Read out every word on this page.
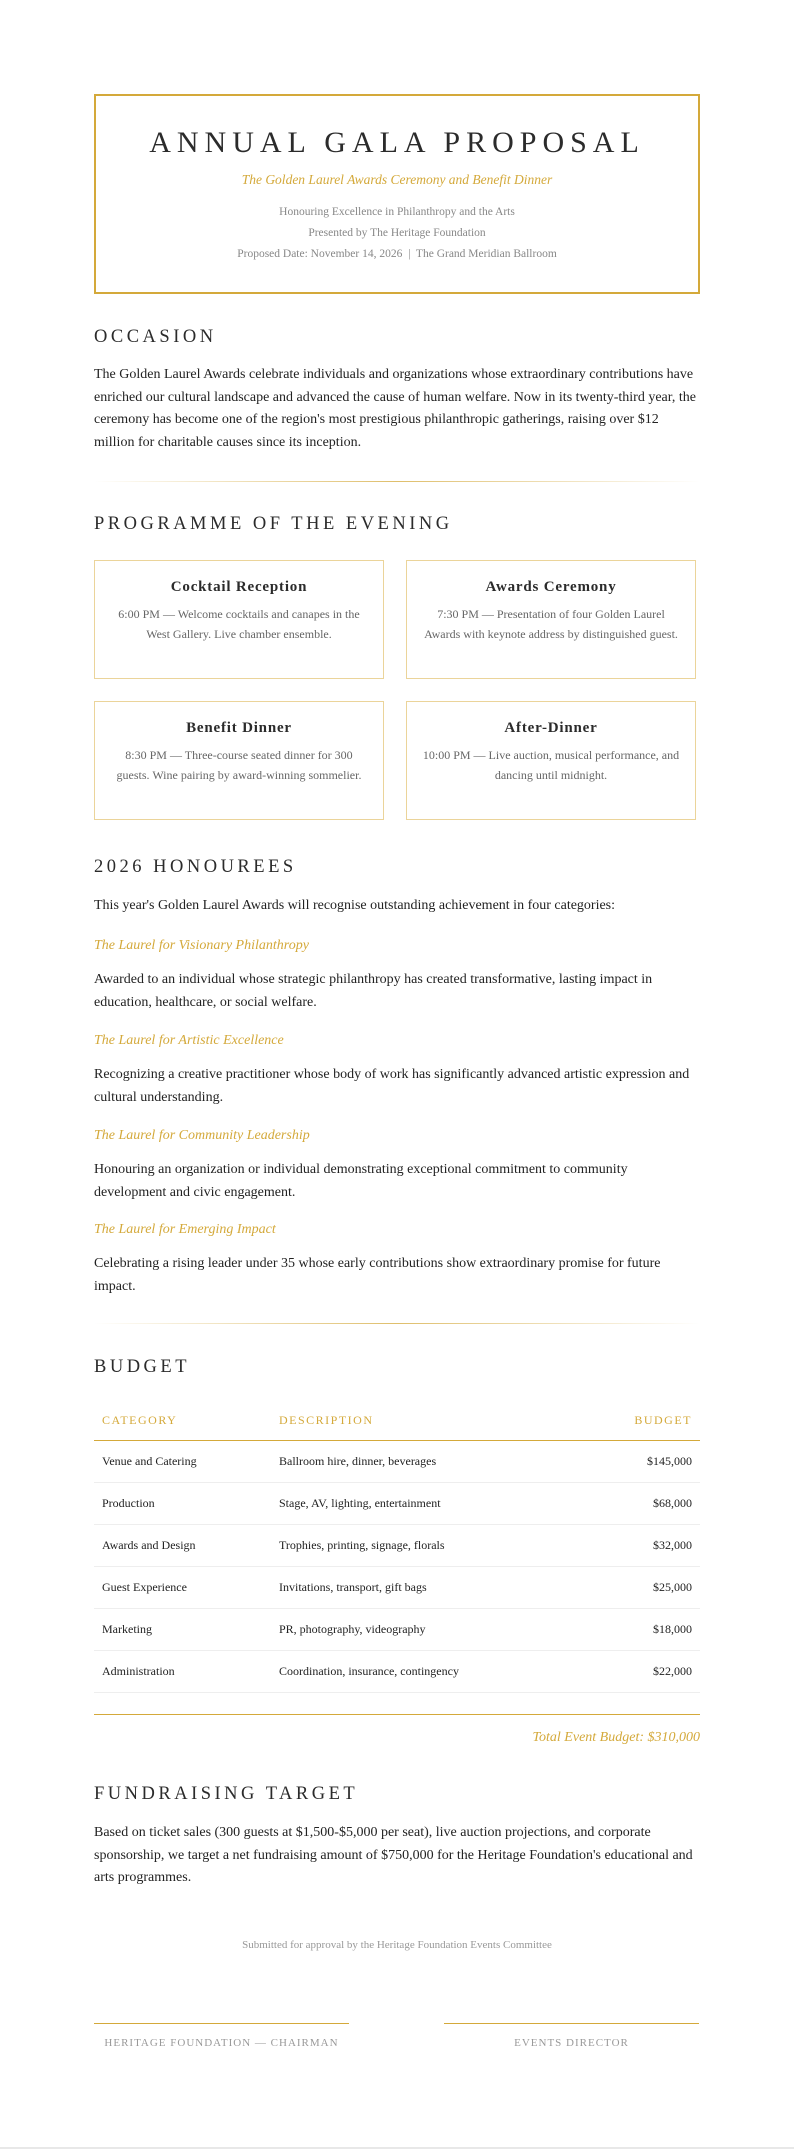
ANNUAL GALA PROPOSAL
The Golden Laurel Awards Ceremony and Benefit Dinner
Honouring Excellence in Philanthropy and the Arts
Presented by The Heritage Foundation
Proposed Date: November 14, 2026  |  The Grand Meridian Ballroom
OCCASION
The Golden Laurel Awards celebrate individuals and organizations whose extraordinary contributions have enriched our cultural landscape and advanced the cause of human welfare. Now in its twenty-third year, the ceremony has become one of the region's most prestigious philanthropic gatherings, raising over $12 million for charitable causes since its inception.
PROGRAMME OF THE EVENING
Cocktail Reception
6:00 PM — Welcome cocktails and canapes in the West Gallery. Live chamber ensemble.
Awards Ceremony
7:30 PM — Presentation of four Golden Laurel Awards with keynote address by distinguished guest.
Benefit Dinner
8:30 PM — Three-course seated dinner for 300 guests. Wine pairing by award-winning sommelier.
After-Dinner
10:00 PM — Live auction, musical performance, and dancing until midnight.
2026 HONOUREES
This year's Golden Laurel Awards will recognise outstanding achievement in four categories:
The Laurel for Visionary Philanthropy
Awarded to an individual whose strategic philanthropy has created transformative, lasting impact in education, healthcare, or social welfare.
The Laurel for Artistic Excellence
Recognizing a creative practitioner whose body of work has significantly advanced artistic expression and cultural understanding.
The Laurel for Community Leadership
Honouring an organization or individual demonstrating exceptional commitment to community development and civic engagement.
The Laurel for Emerging Impact
Celebrating a rising leader under 35 whose early contributions show extraordinary promise for future impact.
BUDGET
CATEGORY	DESCRIPTION	BUDGET
Venue and Catering	Ballroom hire, dinner, beverages	$145,000
Production	Stage, AV, lighting, entertainment	$68,000
Awards and Design	Trophies, printing, signage, florals	$32,000
Guest Experience	Invitations, transport, gift bags	$25,000
Marketing	PR, photography, videography	$18,000
Administration	Coordination, insurance, contingency	$22,000
Total Event Budget: $310,000
FUNDRAISING TARGET
Based on ticket sales (300 guests at $1,500-$5,000 per seat), live auction projections, and corporate sponsorship, we target a net fundraising amount of $750,000 for the Heritage Foundation's educational and arts programmes.
Submitted for approval by the Heritage Foundation Events Committee
HERITAGE FOUNDATION — CHAIRMAN	EVENTS DIRECTOR
